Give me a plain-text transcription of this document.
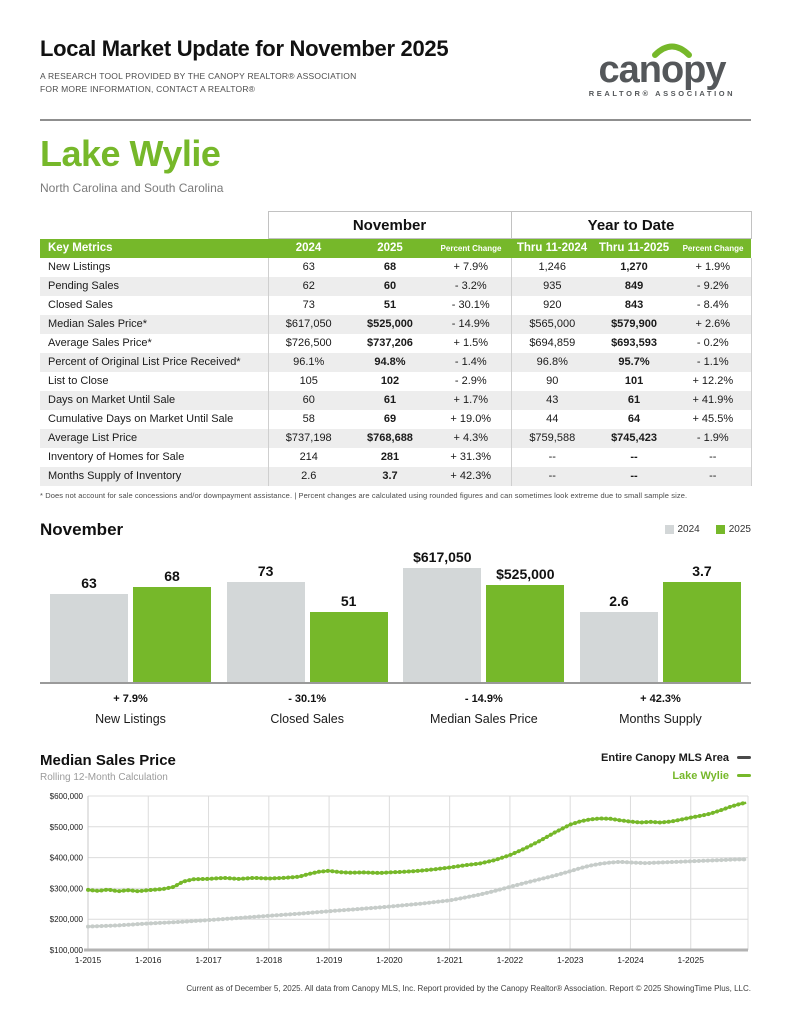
Local Market Update for November 2025
A RESEARCH TOOL PROVIDED BY THE CANOPY REALTOR® ASSOCIATION
FOR MORE INFORMATION, CONTACT A REALTOR®	canopy
REALTOR® ASSOCIATION
Lake Wylie
North Carolina and South Carolina
	November			Year to Date		
Key Metrics	2024	2025	Percent Change	Thru 11-2024	Thru 11-2025	Percent Change
New Listings	63	68	+ 7.9%	1,246	1,270	+ 1.9%
Pending Sales	62	60	- 3.2%	935	849	- 9.2%
Closed Sales	73	51	- 30.1%	920	843	- 8.4%
Median Sales Price*	$617,050	$525,000	- 14.9%	$565,000	$579,900	+ 2.6%
Average Sales Price*	$726,500	$737,206	+ 1.5%	$694,859	$693,593	- 0.2%
Percent of Original List Price Received*	96.1%	94.8%	- 1.4%	96.8%	95.7%	- 1.1%
List to Close	105	102	- 2.9%	90	101	+ 12.2%
Days on Market Until Sale	60	61	+ 1.7%	43	61	+ 41.9%
Cumulative Days on Market Until Sale	58	69	+ 19.0%	44	64	+ 45.5%
Average List Price	$737,198	$768,688	+ 4.3%	$759,588	$745,423	- 1.9%
Inventory of Homes for Sale	214	281	+ 31.3%	--	--	--
Months Supply of Inventory	2.6	3.7	+ 42.3%	--	--	--
* Does not account for sale concessions and/or downpayment assistance. | Percent changes are calculated using rounded figures and can sometimes look extreme due to small sample size.
November	2024	2025
63	68	73
51
$617,050
$525,000
2.6
3.7
+ 7.9%
New Listings
- 30.1%
Closed Sales
- 14.9%
Median Sales Price
+ 42.3%
Months Supply
Median Sales Price
Rolling 12-Month Calculation
Entire Canopy MLS Area
Lake Wylie
1-2015	1-2016	1-2017	1-2018	1-2019	1-2020	1-2021	1-2022	1-2023	1-2024	1-2025
$600,000
$500,000
$400,000
$300,000
$200,000
$100,000
Current as of December 5, 2025. All data from Canopy MLS, Inc. Report provided by the Canopy Realtor® Association. Report © 2025 ShowingTime Plus, LLC.
